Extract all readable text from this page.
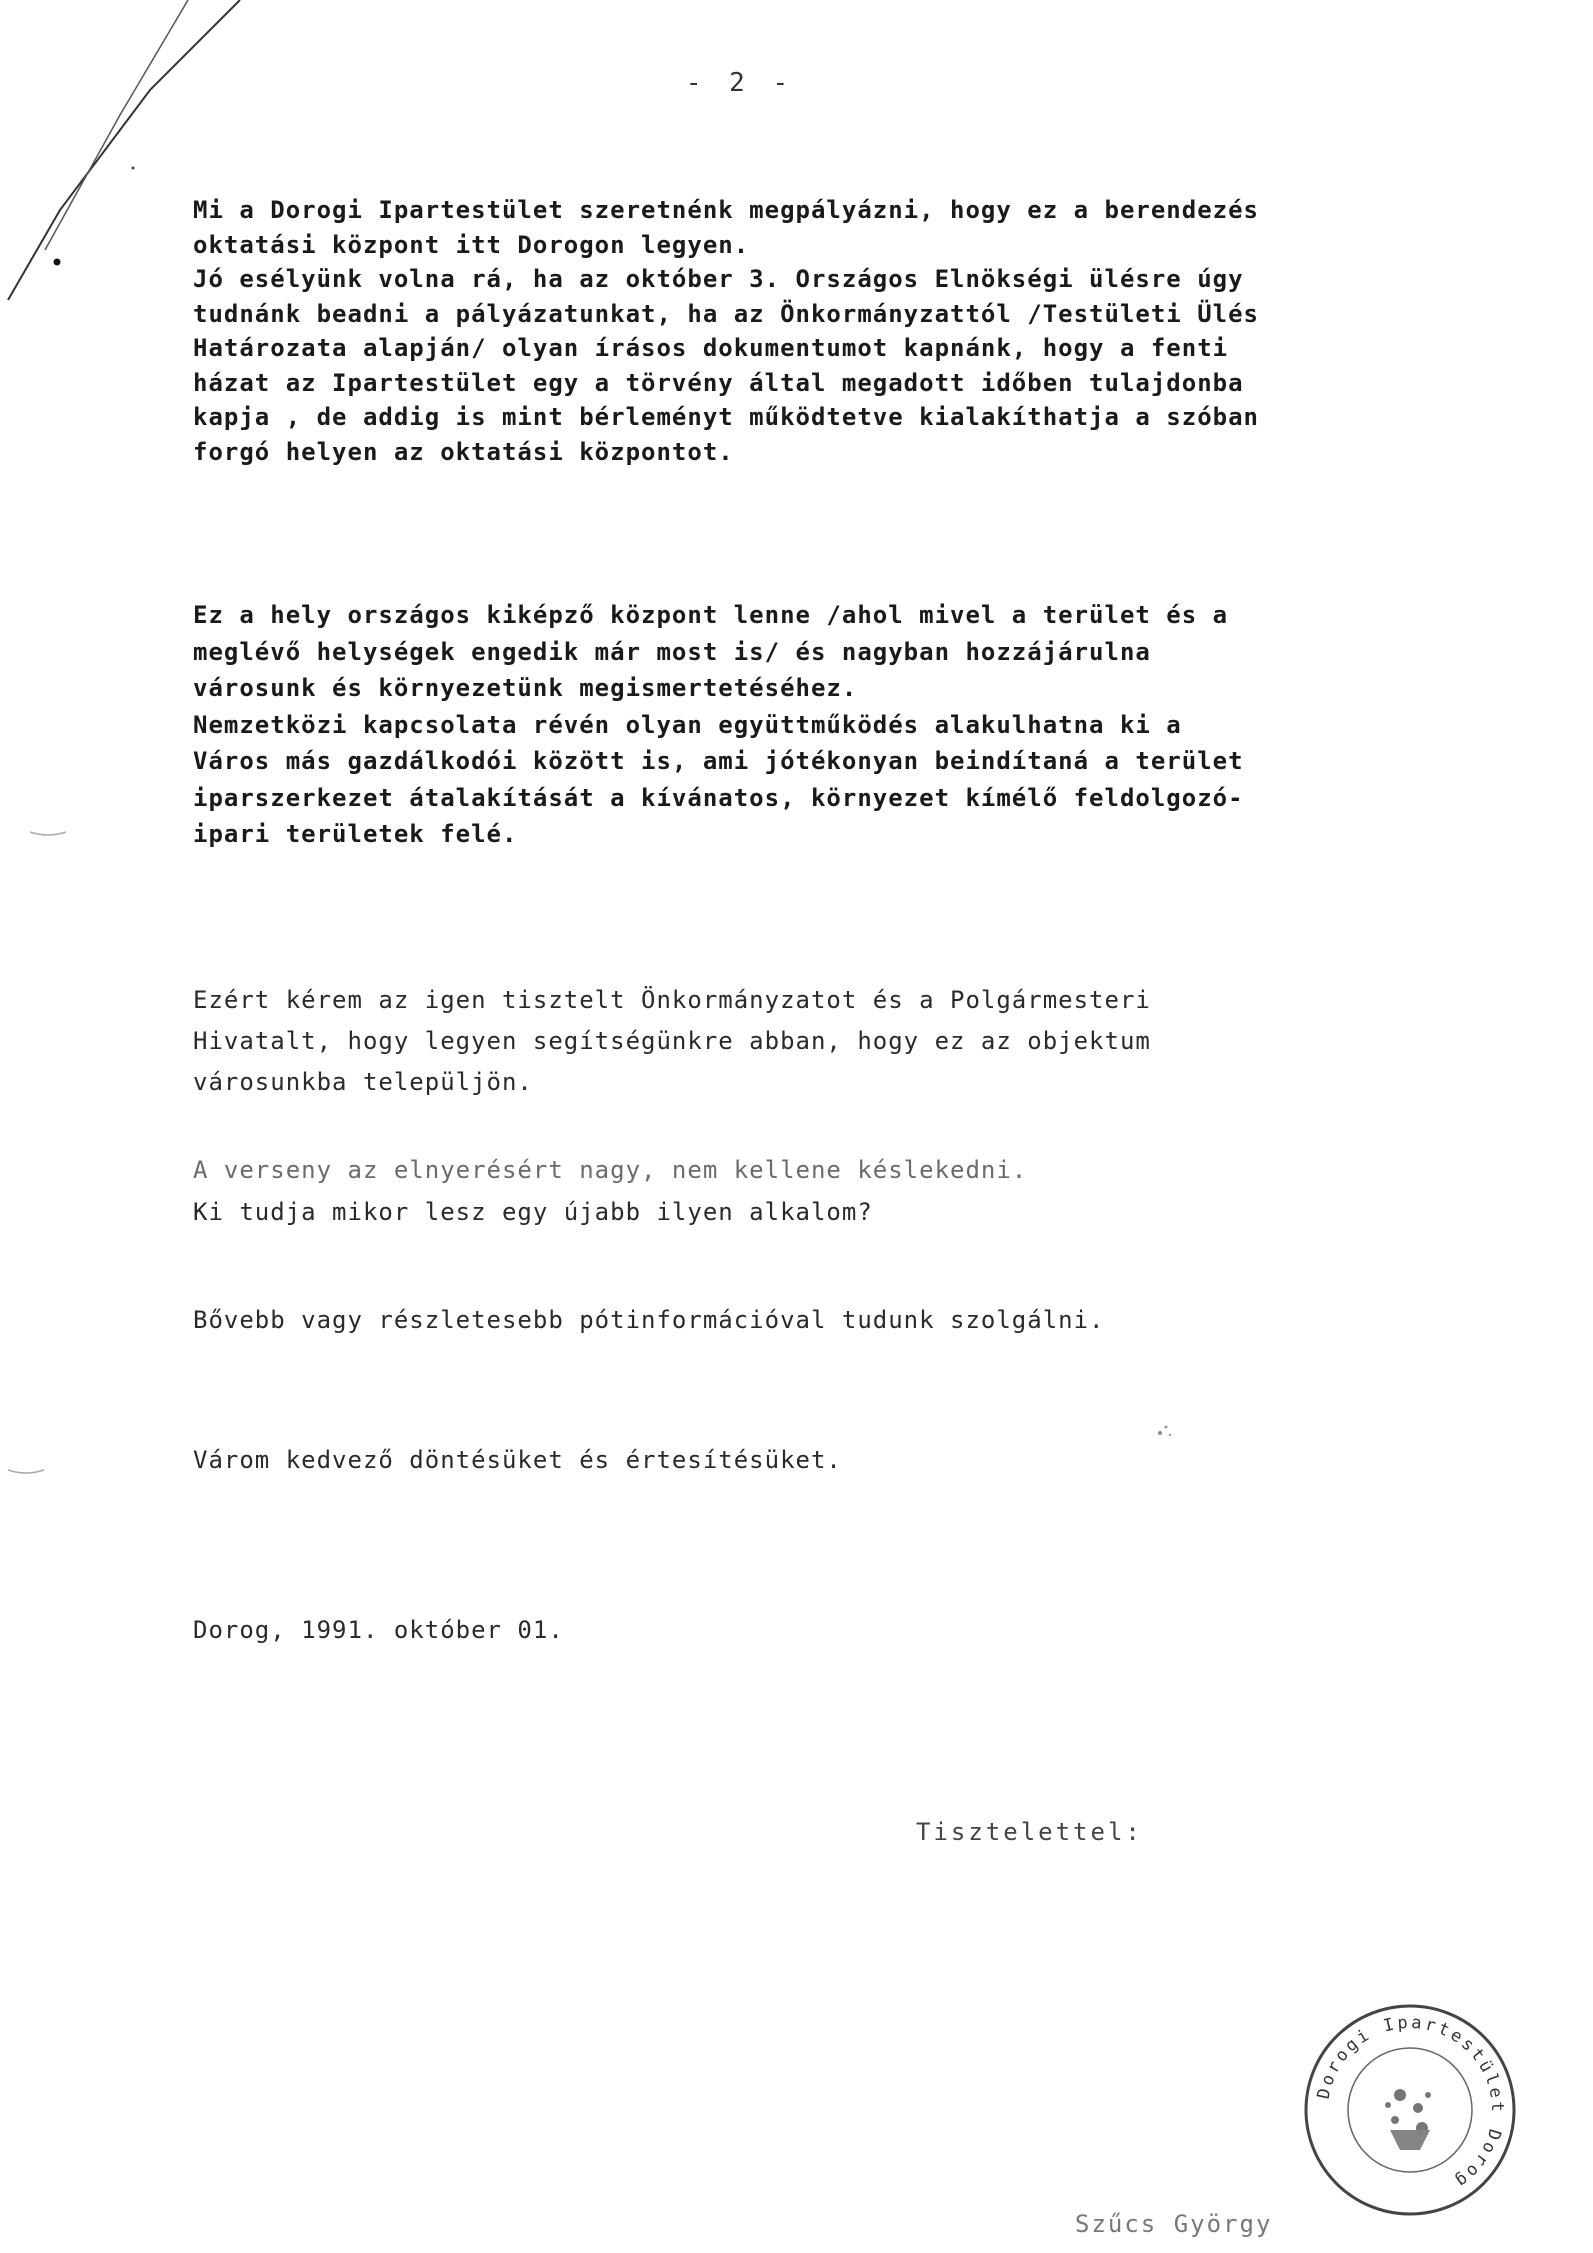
- 2 -
Mi a Dorogi Ipartestület szeretnénk megpályázni, hogy ez a berendezés
oktatási központ itt Dorogon legyen.
Jó esélyünk volna rá, ha az október 3. Országos Elnökségi ülésre úgy
tudnánk beadni a pályázatunkat, ha az Önkormányzattól /Testületi Ülés
Határozata alapján/ olyan írásos dokumentumot kapnánk, hogy a fenti
házat az Ipartestület egy a törvény által megadott időben tulajdonba
kapja , de addig is mint bérleményt működtetve kialakíthatja a szóban
forgó helyen az oktatási központot.
Ez a hely országos kiképző központ lenne /ahol mivel a terület és a
meglévő helységek engedik már most is/ és nagyban hozzájárulna
városunk és környezetünk megismertetéséhez.
Nemzetközi kapcsolata révén olyan együttműködés alakulhatna ki a
Város más gazdálkodói között is, ami jótékonyan beindítaná a terület
iparszerkezet átalakítását a kívánatos, környezet kímélő feldolgozó-
ipari területek felé.
Ezért kérem az igen tisztelt Önkormányzatot és a Polgármesteri
Hivatalt, hogy legyen segítségünkre abban, hogy ez az objektum
városunkba települjön.
A verseny az elnyerésért nagy, nem kellene késlekedni.
Ki tudja mikor lesz egy újabb ilyen alkalom?
Bővebb vagy részletesebb pótinformációval tudunk szolgálni.
Várom kedvező döntésüket és értesítésüket.
Dorog, 1991. október 01.
Tisztelettel:
Dorogi Ipartestület Dorog
Szűcs György
